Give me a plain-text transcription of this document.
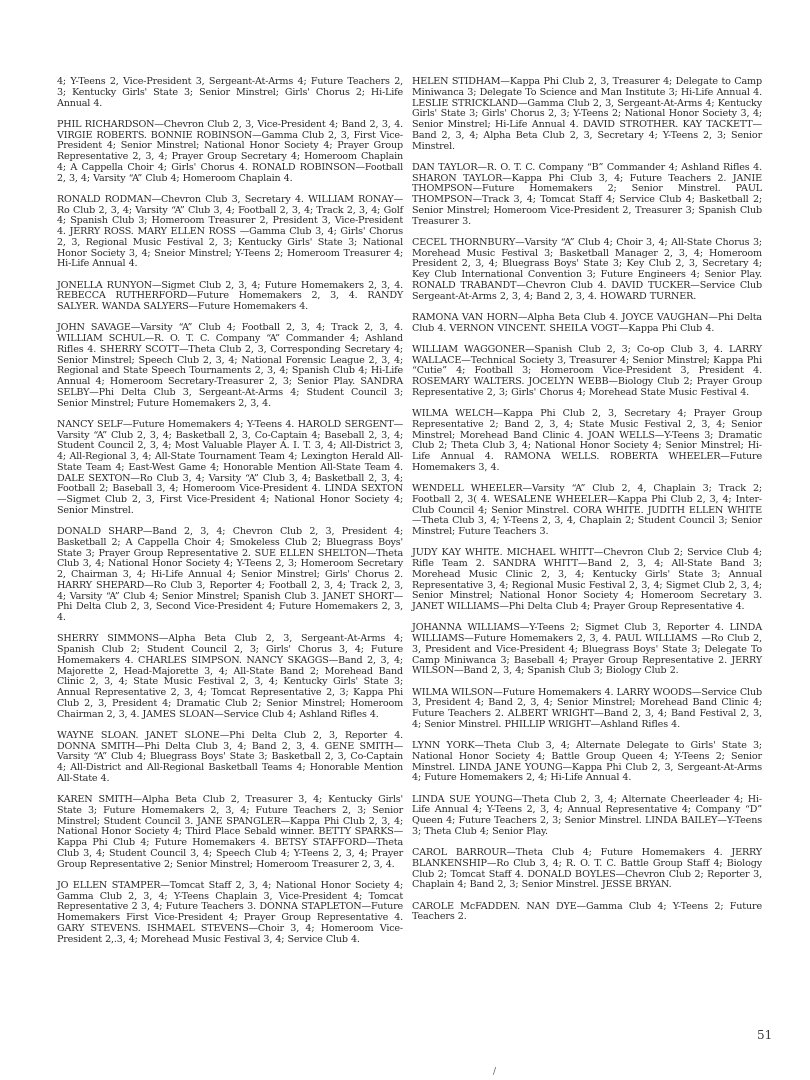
4; Y-Teens 2, Vice-President 3, Sergeant-At-Arms 4; Future Teachers 2, 3; Kentucky Girls' State 3; Senior Minstrel; Girls' Chorus 2; Hi-Life Annual 4.

PHIL RICHARDSON—Chevron Club 2, 3, Vice-President 4; Band 2, 3, 4. VIRGIE ROBERTS. BONNIE ROBINSON—Gamma Club 2, 3, First Vice-President 4; Senior Minstrel; National Honor Society 4; Prayer Group Representative 2, 3, 4; Prayer Group Secretary 4; Homeroom Chaplain 4; A Cappella Choir 4; Girls' Chorus 4. RONALD ROBINSON—Football 2, 3, 4; Varsity “A” Club 4; Homeroom Chaplain 4.

RONALD RODMAN—Chevron Club 3, Secretary 4. WILLIAM RONAY—Ro Club 2, 3, 4; Varsity “A” Club 3, 4; Football 2, 3, 4; Track 2, 3, 4; Golf 4; Spanish Club 3; Homeroom Treasurer 2, President 3, Vice-President 4. JERRY ROSS. MARY ELLEN ROSS —Gamma Club 3, 4; Girls' Chorus 2, 3, Regional Music Festival 2, 3; Kentucky Girls' State 3; National Honor Society 3, 4; Sneior Minstrel; Y-Teens 2; Homeroom Treasurer 4; Hi-Life Annual 4.

JONELLA RUNYON—Sigmet Club 2, 3, 4; Future Homemakers 2, 3, 4. REBECCA RUTHERFORD—Future Homemakers 2, 3, 4. RANDY SALYER. WANDA SALYERS—Future Homemakers 4.

JOHN SAVAGE—Varsity “A” Club 4; Football 2, 3, 4; Track 2, 3, 4. WILLIAM SCHUL—R. O. T. C. Company “A” Commander 4; Ashland Rifles 4. SHERRY SCOTT—Theta Club 2, 3, Corresponding Secretary 4; Senior Minstrel; Speech Club 2, 3, 4; National Forensic League 2, 3, 4; Regional and State Speech Tournaments 2, 3, 4; Spanish Club 4; Hi-Life Annual 4; Homeroom Secretary-Treasurer 2, 3; Senior Play. SANDRA SELBY—Phi Delta Club 3, Sergeant-At-Arms 4; Student Council 3; Senior Minstrel; Future Homemakers 2, 3, 4.

NANCY SELF—Future Homemakers 4; Y-Teens 4. HAROLD SERGENT—Varsity “A” Club 2, 3, 4; Basketball 2, 3, Co-Captain 4; Baseball 2, 3, 4; Student Council 2, 3, 4; Most Valuable Player A. I. T. 3, 4; All-District 3, 4; All-Regional 3, 4; All-State Tournament Team 4; Lexington Herald All-State Team 4; East-West Game 4; Honorable Mention All-State Team 4. DALE SEXTON—Ro Club 3, 4; Varsity “A” Club 3, 4; Basketball 2, 3, 4; Football 2; Baseball 3, 4; Homeroom Vice-President 4. LINDA SEXTON—Sigmet Club 2, 3, First Vice-President 4; National Honor Society 4; Senior Minstrel.

DONALD SHARP—Band 2, 3, 4; Chevron Club 2, 3, President 4; Basketball 2; A Cappella Choir 4; Smokeless Club 2; Bluegrass Boys' State 3; Prayer Group Representative 2. SUE ELLEN SHELTON—Theta Club 3, 4; National Honor Society 4; Y-Teens 2, 3; Homeroom Secretary 2, Chairman 3, 4; Hi-Life Annual 4; Senior Minstrel; Girls' Chorus 2. HARRY SHEPARD—Ro Club 3, Reporter 4; Football 2, 3, 4; Track 2, 3, 4; Varsity “A” Club 4; Senior Minstrel; Spanish Club 3. JANET SHORT—Phi Delta Club 2, 3, Second Vice-President 4; Future Homemakers 2, 3, 4.

SHERRY SIMMONS—Alpha Beta Club 2, 3, Sergeant-At-Arms 4; Spanish Club 2; Student Council 2, 3; Girls' Chorus 3, 4; Future Homemakers 4. CHARLES SIMPSON. NANCY SKAGGS—Band 2, 3, 4; Majorette 2, Head-Majorette 3, 4; All-State Band 2; Morehead Band Clinic 2, 3, 4; State Music Festival 2, 3, 4; Kentucky Girls' State 3; Annual Representative 2, 3, 4; Tomcat Representative 2, 3; Kappa Phi Club 2, 3, President 4; Dramatic Club 2; Senior Minstrel; Homeroom Chairman 2, 3, 4. JAMES SLOAN—Service Club 4; Ashland Rifles 4.

WAYNE SLOAN. JANET SLONE—Phi Delta Club 2, 3, Reporter 4. DONNA SMITH—Phi Delta Club 3, 4; Band 2, 3, 4. GENE SMITH—Varsity “A” Club 4; Bluegrass Boys' State 3; Basketball 2, 3, Co-Captain 4; All-District and All-Regional Basketball Teams 4; Honorable Mention All-State 4.

KAREN SMITH—Alpha Beta Club 2, Treasurer 3, 4; Kentucky Girls' State 3; Future Homemakers 2, 3, 4; Future Teachers 2, 3; Senior Minstrel; Student Council 3. JANE SPANGLER—Kappa Phi Club 2, 3, 4; National Honor Society 4; Third Place Sebald winner. BETTY SPARKS—Kappa Phi Club 4; Future Homemakers 4. BETSY STAFFORD—Theta Club 3, 4; Student Council 3, 4; Speech Club 4; Y-Teens 2, 3, 4; Prayer Group Representative 2; Senior Minstrel; Homeroom Treasurer 2, 3, 4.

JO ELLEN STAMPER—Tomcat Staff 2, 3, 4; National Honor Society 4; Gamma Club 2, 3, 4; Y-Teens Chaplain 3, Vice-President 4; Tomcat Representative 2 3, 4; Future Teachers 3. DONNA STAPLETON—Future Homemakers First Vice-President 4; Prayer Group Representative 4. GARY STEVENS. ISHMAEL STEVENS—Choir 3, 4; Homeroom Vice-President 2,.3, 4; Morehead Music Festival 3, 4; Service Club 4.

HELEN STIDHAM—Kappa Phi Club 2, 3, Treasurer 4; Delegate to Camp Miniwanca 3; Delegate To Science and Man Institute 3; Hi-Life Annual 4. LESLIE STRICKLAND—Gamma Club 2, 3, Sergeant-At-Arms 4; Kentucky Girls' State 3; Girls' Chorus 2, 3; Y-Teens 2; National Honor Society 3, 4; Senior Minstrel; Hi-Life Annual 4. DAVID STROTHER. KAY TACKETT—Band 2, 3, 4; Alpha Beta Club 2, 3, Secretary 4; Y-Teens 2, 3; Senior Minstrel.

DAN TAYLOR—R. O. T. C. Company “B” Commander 4; Ashland Rifles 4. SHARON TAYLOR—Kappa Phi Club 3, 4; Future Teachers 2. JANIE THOMPSON—Future Homemakers 2; Senior Minstrel. PAUL THOMPSON—Track 3, 4; Tomcat Staff 4; Service Club 4; Basketball 2; Senior Minstrel; Homeroom Vice-President 2, Treasurer 3; Spanish Club Treasurer 3.

CECEL THORNBURY—Varsity “A” Club 4; Choir 3, 4; All-State Chorus 3; Morehead Music Festival 3; Basketball Manager 2, 3, 4; Homeroom President 2, 3, 4; Bluegrass Boys' State 3; Key Club 2, 3, Secretary 4; Key Club International Convention 3; Future Engineers 4; Senior Play. RONALD TRABANDT—Chevron Club 4. DAVID TUCKER—Service Club Sergeant-At-Arms 2, 3, 4; Band 2, 3, 4. HOWARD TURNER.

RAMONA VAN HORN—Alpha Beta Club 4. JOYCE VAUGHAN—Phi Delta Club 4. VERNON VINCENT. SHEILA VOGT—Kappa Phi Club 4.

WILLIAM WAGGONER—Spanish Club 2, 3; Co-op Club 3, 4. LARRY WALLACE—Technical Society 3, Treasurer 4; Senior Minstrel; Kappa Phi “Cutie” 4; Football 3; Homeroom Vice-President 3, President 4. ROSEMARY WALTERS. JOCELYN WEBB—Biology Club 2; Prayer Group Representative 2, 3; Girls' Chorus 4; Morehead State Music Festival 4.

WILMA WELCH—Kappa Phi Club 2, 3, Secretary 4; Prayer Group Representative 2; Band 2, 3, 4; State Music Festival 2, 3, 4; Senior Minstrel; Morehead Band Clinic 4. JOAN WELLS—Y-Teens 3; Dramatic Club 2; Theta Club 3, 4; National Honor Society 4; Senior Minstrel; Hi-Life Annual 4. RAMONA WELLS. ROBERTA WHEELER—Future Homemakers 3, 4.

WENDELL WHEELER—Varsity “A” Club 2, 4, Chaplain 3; Track 2; Football 2, 3( 4. WESALENE WHEELER—Kappa Phi Club 2, 3, 4; Inter-Club Council 4; Senior Minstrel. CORA WHITE. JUDITH ELLEN WHITE—Theta Club 3, 4; Y-Teens 2, 3, 4, Chaplain 2; Student Council 3; Senior Minstrel; Future Teachers 3.

JUDY KAY WHITE. MICHAEL WHITT—Chevron Club 2; Service Club 4; Rifle Team 2. SANDRA WHITT—Band 2, 3, 4; All-State Band 3; Morehead Music Clinic 2, 3, 4; Kentucky Girls' State 3; Annual Representative 3, 4; Regional Music Festival 2, 3, 4; Sigmet Club 2, 3, 4; Senior Minstrel; National Honor Society 4; Homeroom Secretary 3. JANET WILLIAMS—Phi Delta Club 4; Prayer Group Representative 4.

JOHANNA WILLIAMS—Y-Teens 2; Sigmet Club 3, Reporter 4. LINDA WILLIAMS—Future Homemakers 2, 3, 4. PAUL WILLIAMS —Ro Club 2, 3, President and Vice-President 4; Bluegrass Boys' State 3; Delegate To Camp Miniwanca 3; Baseball 4; Prayer Group Representative 2. JERRY WILSON—Band 2, 3, 4; Spanish Club 3; Biology Club 2.

WILMA WILSON—Future Homemakers 4. LARRY WOODS—Service Club 3, President 4; Band 2, 3, 4; Senior Minstrel; Morehead Band Clinic 4; Future Teachers 2. ALBERT WRIGHT—Band 2, 3, 4; Band Festival 2, 3, 4; Senior Minstrel. PHILLIP WRIGHT—Ashland Rifles 4.

LYNN YORK—Theta Club 3, 4; Alternate Delegate to Girls' State 3; National Honor Society 4; Battle Group Queen 4; Y-Teens 2; Senior Minstrel. LINDA JANE YOUNG—Kappa Phi Club 2, 3, Sergeant-At-Arms 4; Future Homemakers 2, 4; Hi-Life Annual 4.

LINDA SUE YOUNG—Theta Club 2, 3, 4; Alternate Cheerleader 4; Hi-Life Annual 4; Y-Teens 2, 3, 4; Annual Representative 4; Company “D” Queen 4; Future Teachers 2, 3; Senior Minstrel. LINDA BAILEY—Y-Teens 3; Theta Club 4; Senior Play.

CAROL BARROUR—Theta Club 4; Future Homemakers 4. JERRY BLANKENSHIP—Ro Club 3, 4; R. O. T. C. Battle Group Staff 4; Biology Club 2; Tomcat Staff 4. DONALD BOYLES—Chevron Club 2; Reporter 3, Chaplain 4; Band 2, 3; Senior Minstrel. JESSE BRYAN.

CAROLE McFADDEN. NAN DYE—Gamma Club 4; Y-Teens 2; Future Teachers 2.

51
/
